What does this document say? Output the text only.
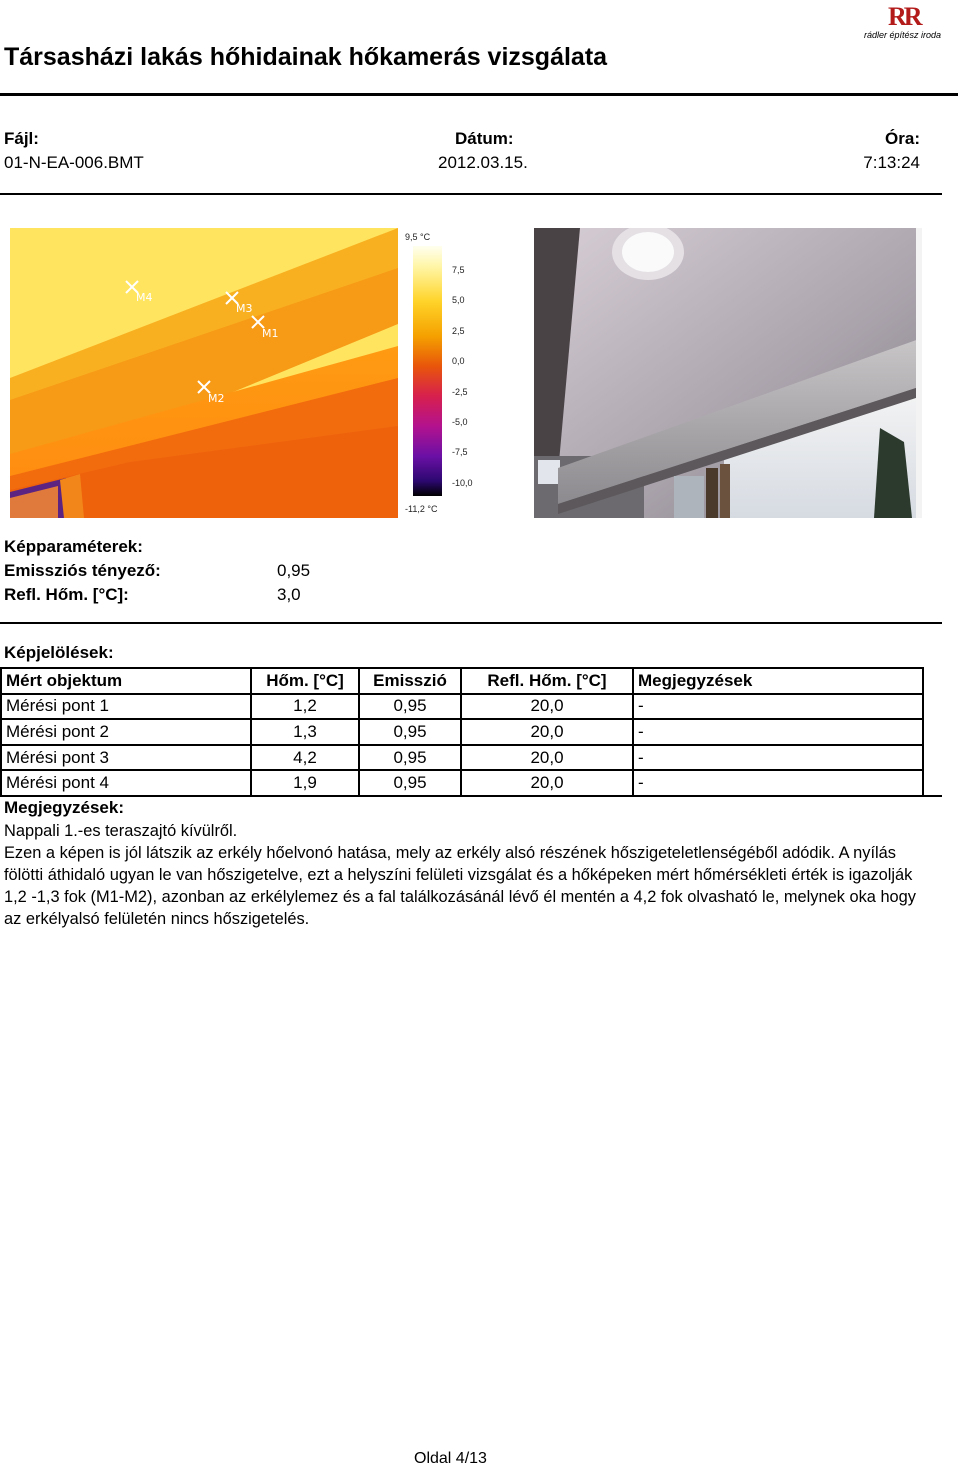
RR
rádler építész iroda
Társasházi lakás hőhidainak hőkamerás vizsgálata
Fájl:
01-N-EA-006.BMT
Dátum:
2012.03.15.
Óra:
7:13:24
M4
M3
M1
M2
9,5 °C
7,5
5,0
2,5
0,0
-2,5
-5,0
-7,5
-10,0
-11,2 °C
Képparaméterek:
Emissziós tényező:	0,95
Refl. Hőm. [°C]:	3,0
Képjelölések:
Mért objektum	Hőm. [°C]	Emisszió	Refl. Hőm. [°C]	Megjegyzések
Mérési pont 1	1,2	0,95	20,0	-
Mérési pont 2	1,3	0,95	20,0	-
Mérési pont 3	4,2	0,95	20,0	-
Mérési pont 4	1,9	0,95	20,0	-
Megjegyzések:
Nappali 1.-es teraszajtó kívülről.
Ezen a képen is jól látszik az erkély hőelvonó hatása, mely az erkély alsó részének hőszigeteletlenségéből adódik. A nyílás fölötti áthidaló ugyan le van hőszigetelve, ezt a helyszíni felületi vizsgálat és a hőképeken mért hőmérsékleti érték is igazolják 1,2 -1,3 fok (M1-M2), azonban az erkélylemez és a fal találkozásánál lévő él mentén a 4,2 fok olvasható le, melynek oka hogy az erkélyalsó felületén nincs hőszigetelés.
Oldal 4/13
